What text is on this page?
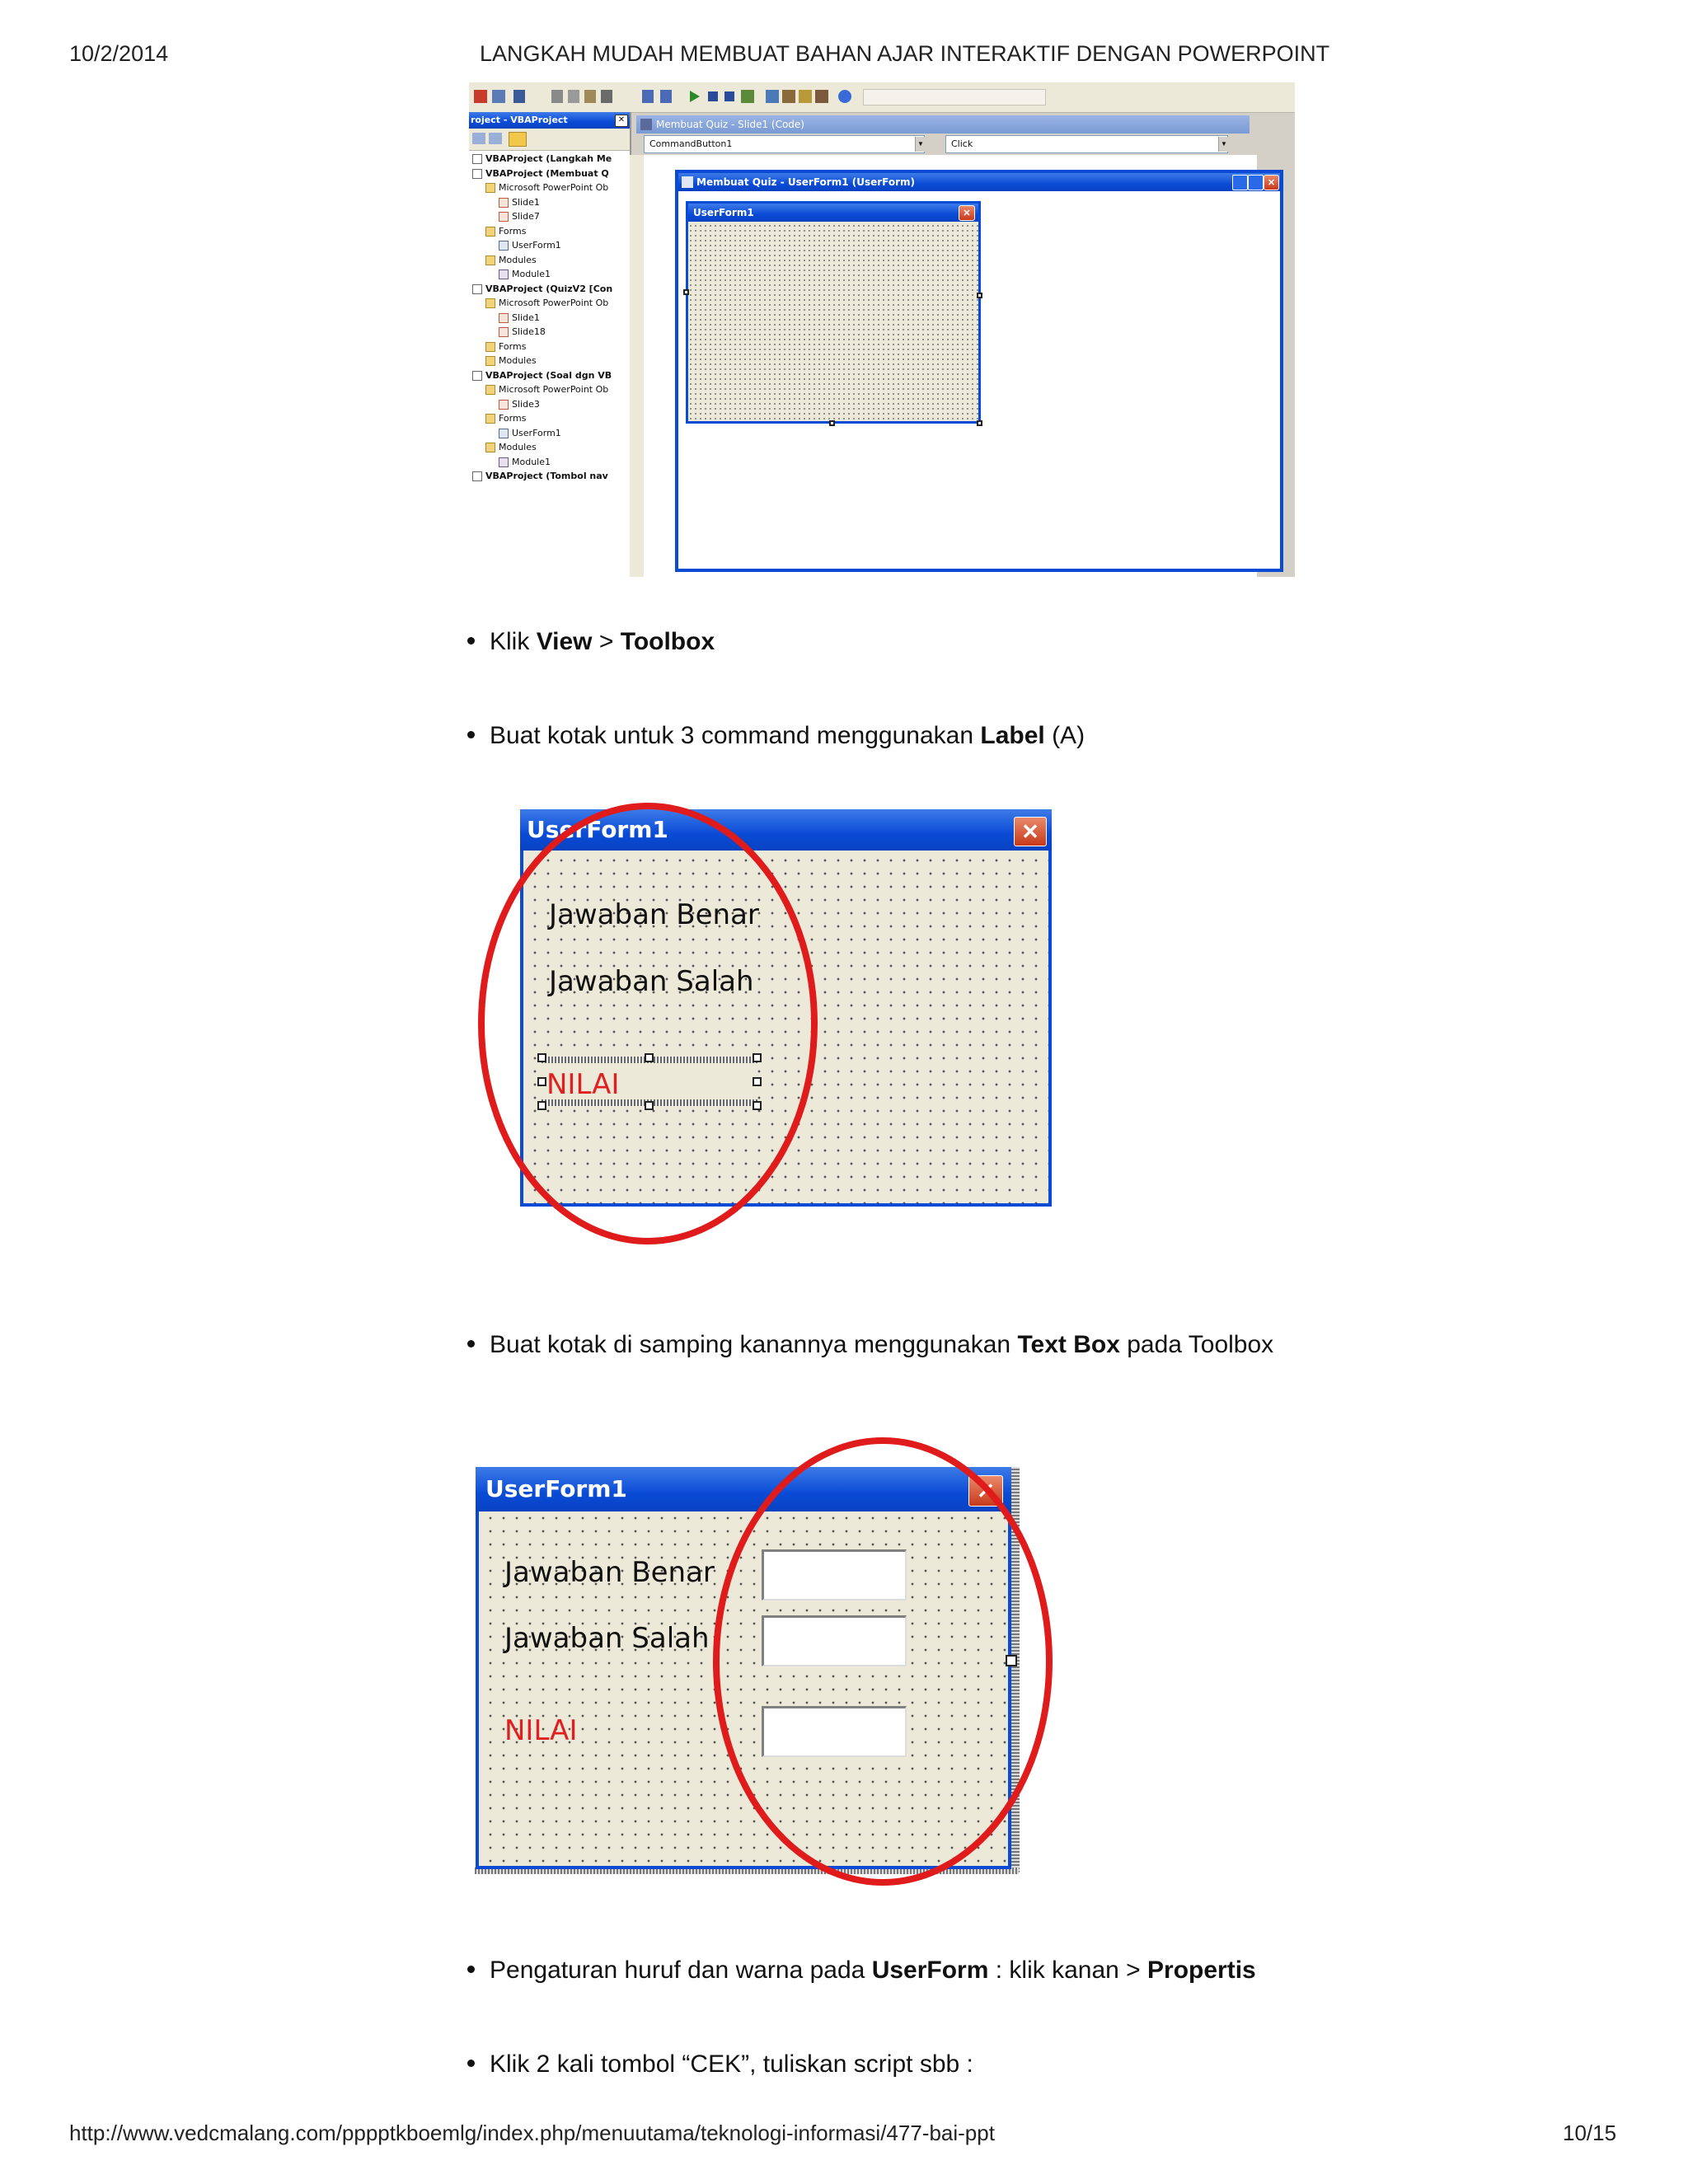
10/2/2014	LANGKAH MUDAH MEMBUAT BAHAN AJAR INTERAKTIF DENGAN POWERPOINT
roject - VBAProject	✕
VBAProject (Langkah Me
VBAProject (Membuat Q
Microsoft PowerPoint Ob
Slide1
Slide7
Forms
UserForm1
Modules
Module1
VBAProject (QuizV2 [Con
Microsoft PowerPoint Ob
Slide1
Slide18
Forms
Modules
VBAProject (Soal dgn VB
Microsoft PowerPoint Ob
Slide3
Forms
UserForm1
Modules
Module1
VBAProject (Tombol nav
Membuat Quiz - Slide1 (Code)
CommandButton1	▼	Click	▼
Membuat Quiz - UserForm1 (UserForm)	✕
UserForm1	✕
Klik View > Toolbox
Buat kotak untuk 3 command menggunakan Label (A)
UserForm1	✕
Jawaban Benar
Jawaban Salah
NILAI
Buat kotak di samping kanannya menggunakan Text Box pada Toolbox
UserForm1	✕
Jawaban Benar
Jawaban Salah
NILAI
Pengaturan huruf dan warna pada UserForm : klik kanan > Propertis
Klik 2 kali tombol “CEK”, tuliskan script sbb :
http://www.vedcmalang.com/pppptkboemlg/index.php/menuutama/teknologi-informasi/477-bai-ppt	10/15
